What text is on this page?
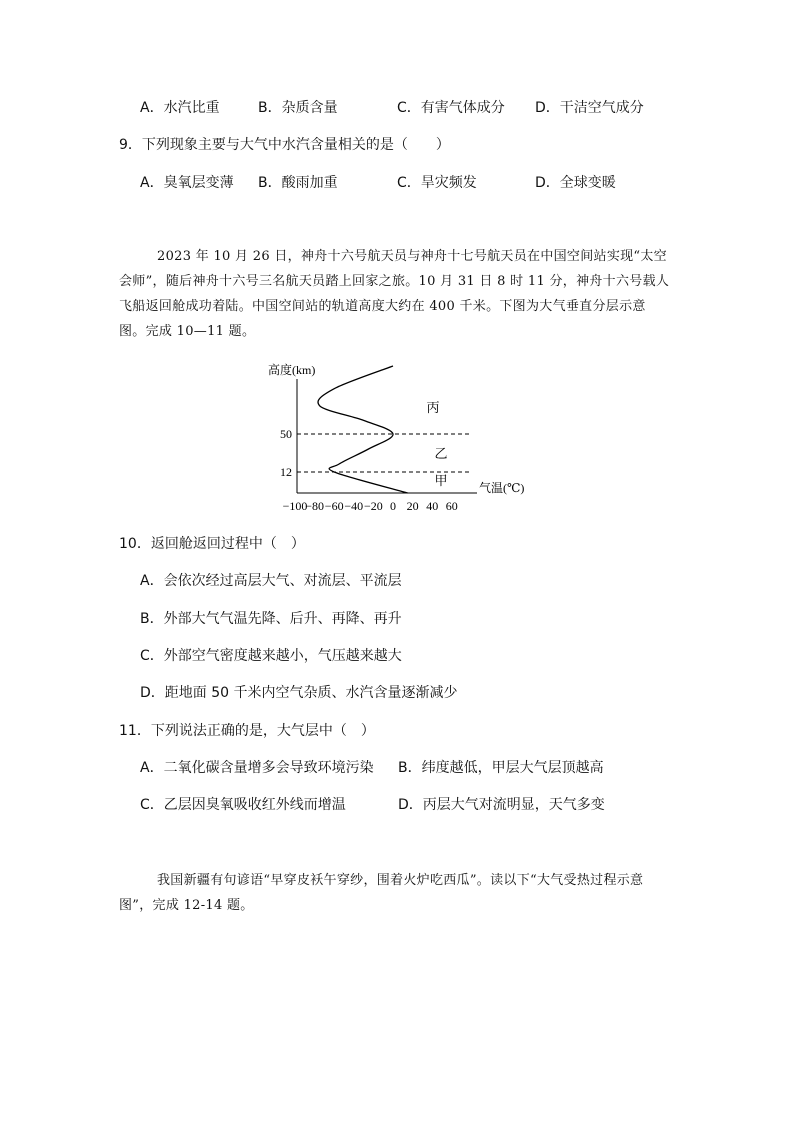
A．水汽比重	B．杂质含量	C．有害气体成分 D．干洁空气成分
9．下列现象主要与大气中水汽含量相关的是（　　）
A．臭氧层变薄 B．酸雨加重	C．旱灾频发	D．全球变暖
2023 年 10 月 26 日，神舟十六号航天员与神舟十七号航天员在中国空间站实现“太空
会师”，随后神舟十六号三名航天员踏上回家之旅。10 月 31 日 8 时 11 分，神舟十六号载人
飞船返回舱成功着陆。中国空间站的轨道高度大约在 400 千米。下图为大气垂直分层示意
图。完成 10—11 题。
高度(km)
气温(℃)
50
12
丙
乙
甲
−100
−80 −60 −40 −20 0 20 40 60
10．返回舱返回过程中（　）
A．会依次经过高层大气、对流层、平流层
B．外部大气气温先降、后升、再降、再升
C．外部空气密度越来越小，气压越来越大
D．距地面 50 千米内空气杂质、水汽含量逐渐减少
11．下列说法正确的是，大气层中（　）
A．二氧化碳含量增多会导致环境污染 B．纬度越低，甲层大气层顶越高
C．乙层因臭氧吸收红外线而增温	D．丙层大气对流明显，天气多变
我国新疆有句谚语“早穿皮袄午穿纱，围着火炉吃西瓜”。读以下“大气受热过程示意
图”，完成 12-14 题。
